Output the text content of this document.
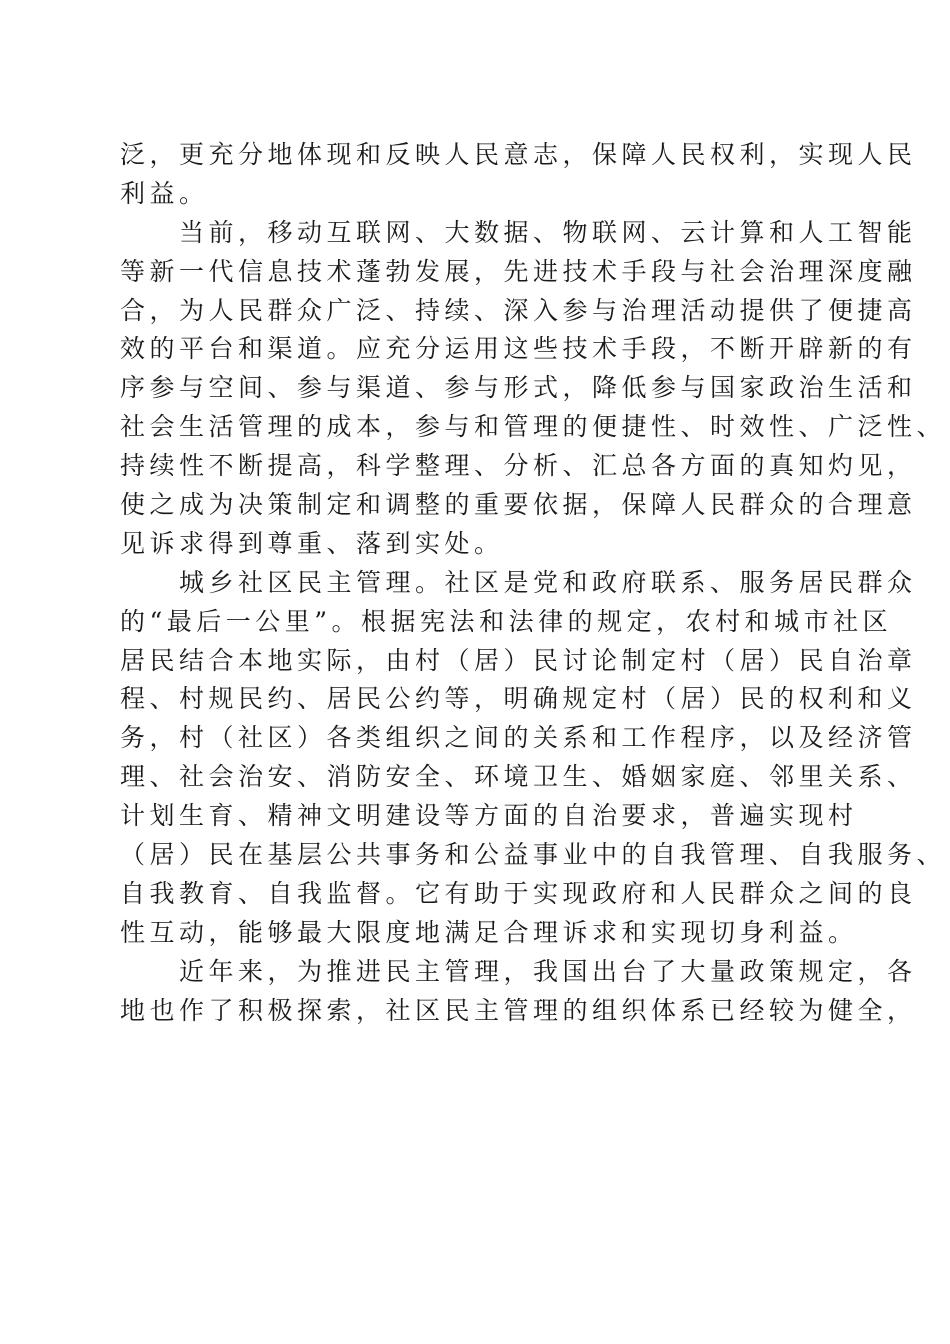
泛，更充分地体现和反映人民意志，保障人民权利，实现人民
利益。
当前，移动互联网、大数据、物联网、云计算和人工智能
等新一代信息技术蓬勃发展，先进技术手段与社会治理深度融
合，为人民群众广泛、持续、深入参与治理活动提供了便捷高
效的平台和渠道。应充分运用这些技术手段，不断开辟新的有
序参与空间、参与渠道、参与形式，降低参与国家政治生活和
社会生活管理的成本，参与和管理的便捷性、时效性、广泛性、
持续性不断提高，科学整理、分析、汇总各方面的真知灼见，
使之成为决策制定和调整的重要依据，保障人民群众的合理意
见诉求得到尊重、落到实处。
城乡社区民主管理。社区是党和政府联系、服务居民群众
的“最后一公里”。根据宪法和法律的规定，农村和城市社区
居民结合本地实际，由村（居）民讨论制定村（居）民自治章
程、村规民约、居民公约等，明确规定村（居）民的权利和义
务，村（社区）各类组织之间的关系和工作程序，以及经济管
理、社会治安、消防安全、环境卫生、婚姻家庭、邻里关系、
计划生育、精神文明建设等方面的自治要求，普遍实现村
（居）民在基层公共事务和公益事业中的自我管理、自我服务、
自我教育、自我监督。它有助于实现政府和人民群众之间的良
性互动，能够最大限度地满足合理诉求和实现切身利益。
近年来，为推进民主管理，我国出台了大量政策规定，各
地也作了积极探索，社区民主管理的组织体系已经较为健全，
